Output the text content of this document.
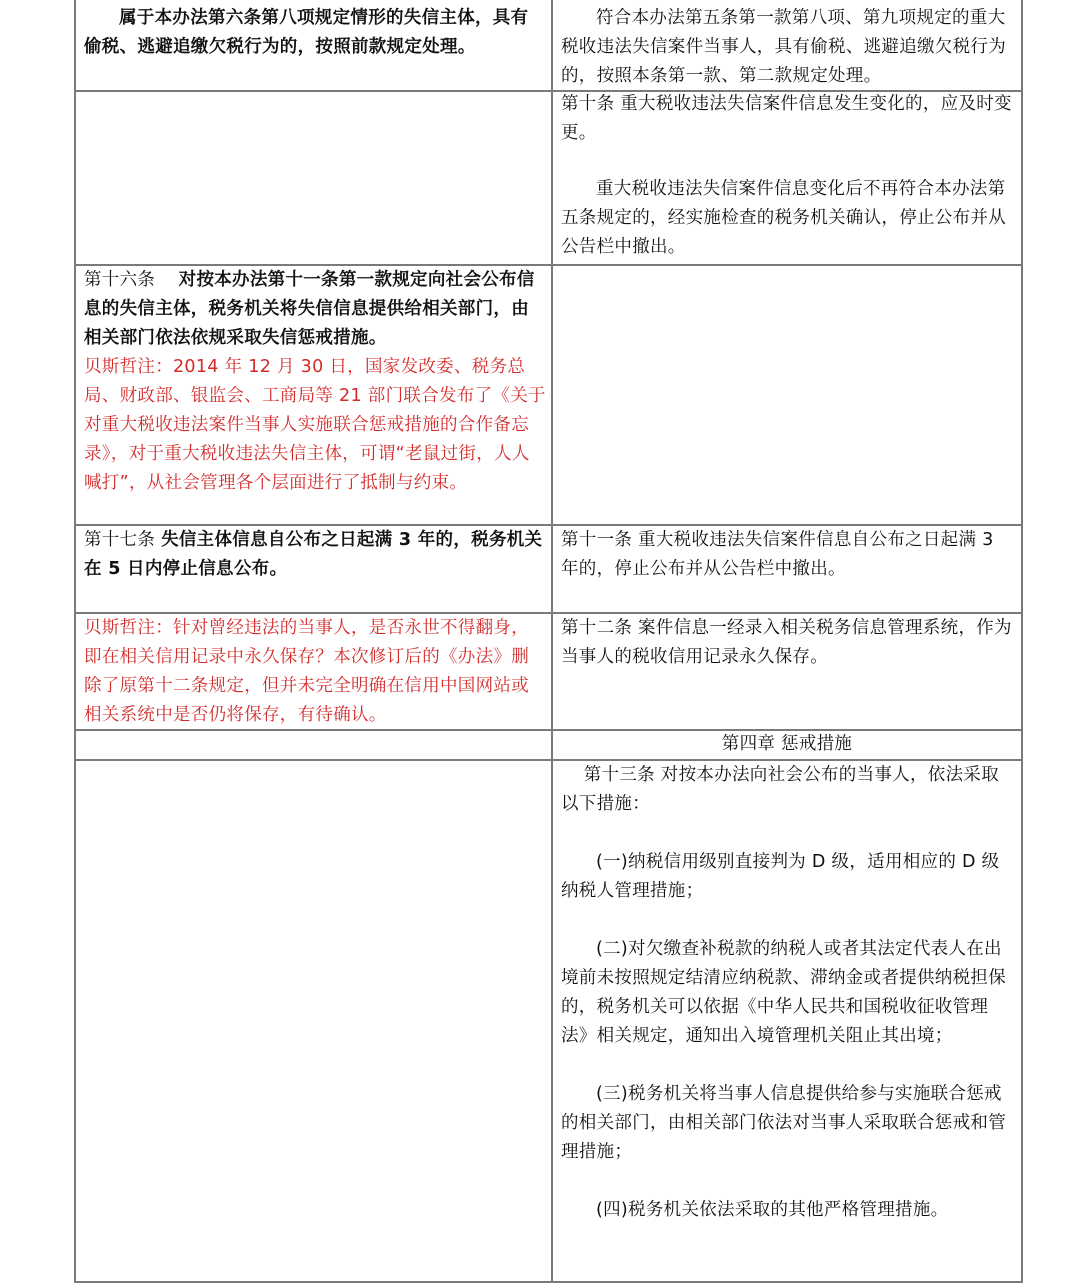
属于本办法第六条第八项规定情形的失信主体，具有偷税、逃避追缴欠税行为的，按照前款规定处理。
符合本办法第五条第一款第八项、第九项规定的重大税收违法失信案件当事人，具有偷税、逃避追缴欠税行为的，按照本条第一款、第二款规定处理。

第十条 重大税收违法失信案件信息发生变化的，应及时变更。

重大税收违法失信案件信息变化后不再符合本办法第五条规定的，经实施检查的税务机关确认，停止公布并从公告栏中撤出。

第十六条 对按本办法第十一条第一款规定向社会公布信息的失信主体，税务机关将失信信息提供给相关部门，由相关部门依法依规采取失信惩戒措施。

贝斯哲注：2014 年 12 月 30 日，国家发改委、税务总局、财政部、银监会、工商局等 21 部门联合发布了《关于对重大税收违法案件当事人实施联合惩戒措施的合作备忘录》，对于重大税收违法失信主体，可谓“老鼠过街，人人喊打”，从社会管理各个层面进行了抵制与约束。

第十七条 失信主体信息自公布之日起满 3 年的，税务机关在 5 日内停止信息公布。

第十一条 重大税收违法失信案件信息自公布之日起满 3 年的，停止公布并从公告栏中撤出。
贝斯哲注：针对曾经违法的当事人，是否永世不得翻身，即在相关信用记录中永久保存？本次修订后的《办法》删除了原第十二条规定，但并未完全明确在信用中国网站或相关系统中是否仍将保存，有待确认。
第十二条 案件信息一经录入相关税务信息管理系统，作为当事人的税收信用记录永久保存。
第四章 惩戒措施

第十三条 对按本办法向社会公布的当事人，依法采取以下措施：

(一)纳税信用级别直接判为 D 级，适用相应的 D 级纳税人管理措施；

(二)对欠缴查补税款的纳税人或者其法定代表人在出境前未按照规定结清应纳税款、滞纳金或者提供纳税担保的，税务机关可以依据《中华人民共和国税收征收管理法》相关规定，通知出入境管理机关阻止其出境；

(三)税务机关将当事人信息提供给参与实施联合惩戒的相关部门，由相关部门依法对当事人采取联合惩戒和管理措施；

(四)税务机关依法采取的其他严格管理措施。
